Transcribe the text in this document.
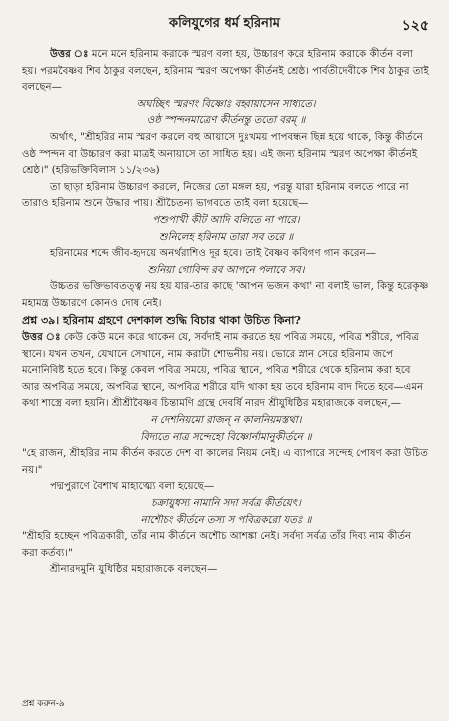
কলিযুগের ধর্ম হরিনাম	১২৫

উত্তর ঃ মনে মনে হরিনাম করাকে স্মরণ বলা হয়, উচ্চারণ করে হরিনাম করাকে কীর্তন বলা হয়। পরমবৈষ্ণব শিব ঠাকুর বলছেন, হরিনাম স্মরণ অপেক্ষা কীর্তনই শ্রেষ্ঠ। পার্বতীদেবীকে শিব ঠাকুর তাই বলছেন—

অঘচ্ছিৎ স্মরণং বিষ্ণোঃ বহ্বায়াসেন সাধ্যতে।

ওষ্ঠ স্পন্দনমাত্রেণ কীর্তনন্তু ততো বরম্ ॥

অর্থাৎ, "শ্রীহরির নাম স্মরণ করলে বহু আয়াসে দুঃখময় পাপবন্ধন ছিন্ন হয়ে থাকে, কিন্তু কীর্তনে ওষ্ঠ স্পন্দন বা উচ্চারণ করা মাত্রই অনায়াসে তা সাধিত হয়। এই জন্য হরিনাম স্মরণ অপেক্ষা কীর্তনই শ্রেষ্ঠ।" (হরিভক্তিবিলাস ১১/২৩৬)

তা ছাড়া হরিনাম উচ্চারণ করলে, নিজের তো মঙ্গল হয়, পরন্তু যারা হরিনাম বলতে পারে না তারাও হরিনাম শুনে উদ্ধার পায়। শ্রীচৈতন্য ভাগবতে তাই বলা হয়েছে—

পশুপাখী কীট আদি বলিতে না পারে।

শুনিলেহ হরিনাম তারা সব তরে ॥

হরিনামের শব্দে জীব-হৃদয়ে অনর্থরাশিও দূর হবে। তাই বৈষ্ণব কবিগণ গান করেন—

শুনিয়া গোবিন্দ রব আপনে পলাবে সব।

উচ্চতর ভক্তিভাবতত্ত্ব নয় হয় যার-তার কাছে 'আপন ভজন কথা' না বলাই ভাল, কিন্তু হরেকৃষ্ণ মহামন্ত্র উচ্চারণে কোনও দোষ নেই।

প্রশ্ন ৩৯। হরিনাম গ্রহণে দেশকাল শুদ্ধি বিচার থাকা উচিত কিনা?

উত্তর ঃ কেউ কেউ মনে করে থাকেন যে, সর্বদাই নাম করতে হয় পবিত্র সময়ে, পবিত্র শরীরে, পবিত্র স্থানে। যখন তখন, যেখানে সেখানে, নাম করাটা শোভনীয় নয়। ভোরে স্নান সেরে হরিনাম জপে মনোনিবিষ্ট হতে হবে। কিন্তু কেবল পবিত্র সময়ে, পবিত্র স্থানে, পবিত্র শরীরে থেকে হরিনাম করা হবে আর অপবিত্র সময়ে, অপবিত্র স্থানে, অপবিত্র শরীরে যদি থাকা হয় তবে হরিনাম বাদ দিতে হবে—এমন কথা শাস্ত্রে বলা হয়নি। শ্রীশ্রীবৈষ্ণব চিন্তামণি গ্রন্থে দেবর্ষি নারদ শ্রীযুধিষ্ঠির মহারাজকে বলছেন,—

ন দেশনিয়মো রাজন্ ন কালনিয়মস্তথা।

বিদ্যতে নাত্র সন্দেহো বিষ্ণোর্নামানুকীর্তনে ॥

"হে রাজন, শ্রীহরির নাম কীর্তন করতে দেশ বা কালের নিয়ম নেই। এ ব্যাপারে সন্দেহ পোষণ করা উচিত নয়।"

পদ্মপুরাণে বৈশাখ মাহাত্ম্যে বলা হয়েছে—

চক্রায়ুধস্য নামানি সদা সর্বত্র কীর্তয়েৎ।

নাশৌচং কীর্তনে তস্য স পবিত্রকরো যতঃ ॥

"শ্রীহরি হচ্ছেন পবিত্রকারী, তাঁর নাম কীর্তনে অশৌচ আশঙ্কা নেই। সর্বদা সর্বত্র তাঁর দিব্য নাম কীর্তন করা কর্তব্য।"

শ্রীনারদমুনি যুধিষ্ঠির মহারাজকে বলছেন—

প্রশ্ন করুন-৯
